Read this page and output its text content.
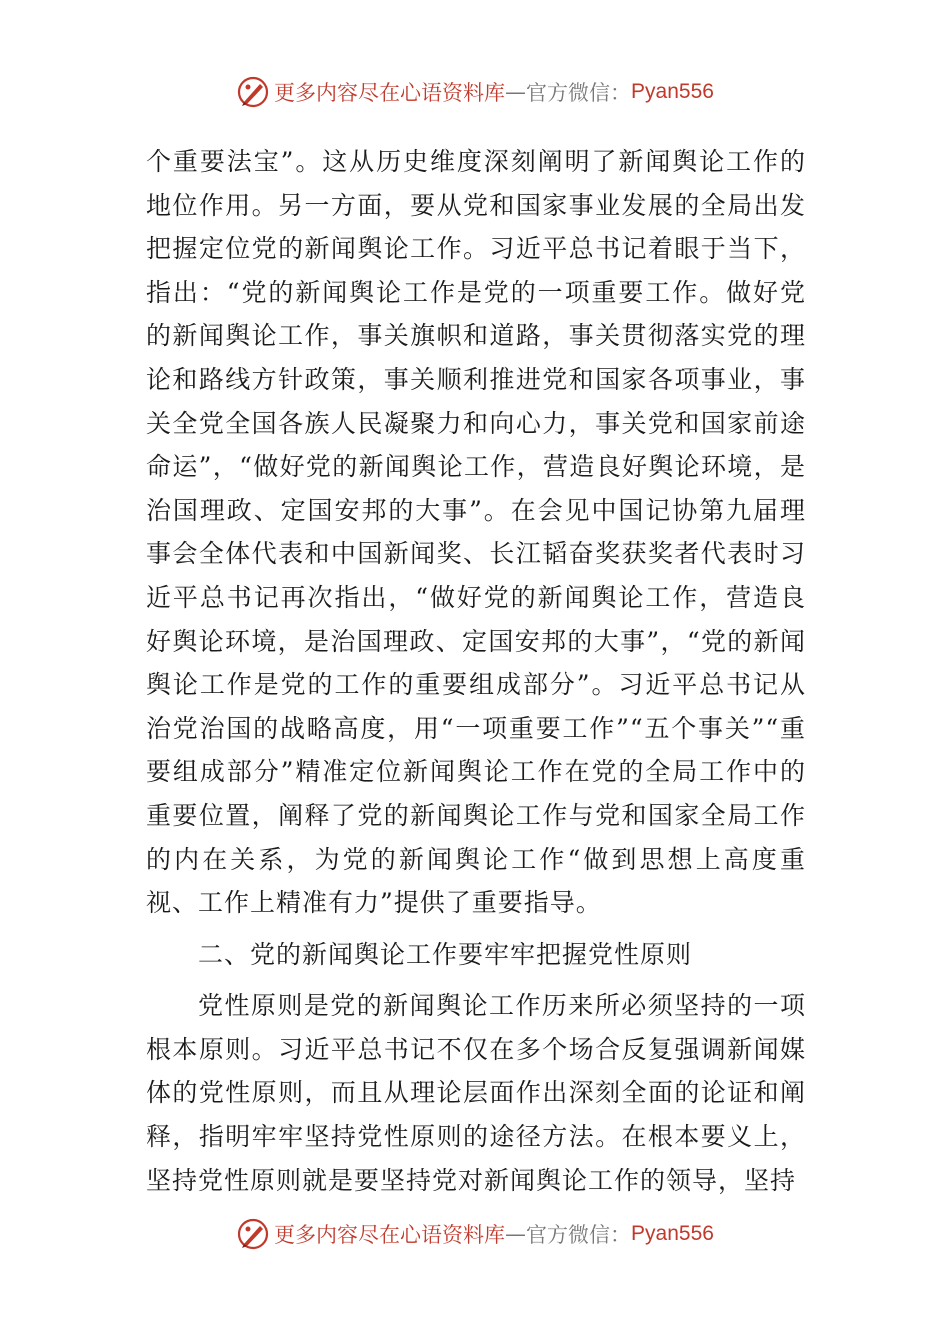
更多内容尽在心语资料库 — 官方微信： Pyan556

个重要法宝”。这从历史维度深刻阐明了新闻舆论工作的地位作用。另一方面，要从党和国家事业发展的全局出发把握定位党的新闻舆论工作。习近平总书记着眼于当下，指出：“党的新闻舆论工作是党的一项重要工作。做好党的新闻舆论工作，事关旗帜和道路，事关贯彻落实党的理论和路线方针政策，事关顺利推进党和国家各项事业，事关全党全国各族人民凝聚力和向心力，事关党和国家前途命运”，“做好党的新闻舆论工作，营造良好舆论环境，是治国理政、定国安邦的大事”。在会见中国记协第九届理事会全体代表和中国新闻奖、长江韬奋奖获奖者代表时习近平总书记再次指出，“做好党的新闻舆论工作，营造良好舆论环境，是治国理政、定国安邦的大事”，“党的新闻舆论工作是党的工作的重要组成部分”。习近平总书记从治党治国的战略高度，用“一项重要工作”“五个事关”“重要组成部分”精准定位新闻舆论工作在党的全局工作中的重要位置，阐释了党的新闻舆论工作与党和国家全局工作的内在关系，为党的新闻舆论工作“做到思想上高度重视、工作上精准有力”提供了重要指导。

二、党的新闻舆论工作要牢牢把握党性原则

党性原则是党的新闻舆论工作历来所必须坚持的一项根本原则。习近平总书记不仅在多个场合反复强调新闻媒体的党性原则，而且从理论层面作出深刻全面的论证和阐释，指明牢牢坚持党性原则的途径方法。在根本要义上，坚持党性原则就是要坚持党对新闻舆论工作的领导，坚持

更多内容尽在心语资料库 — 官方微信： Pyan556
